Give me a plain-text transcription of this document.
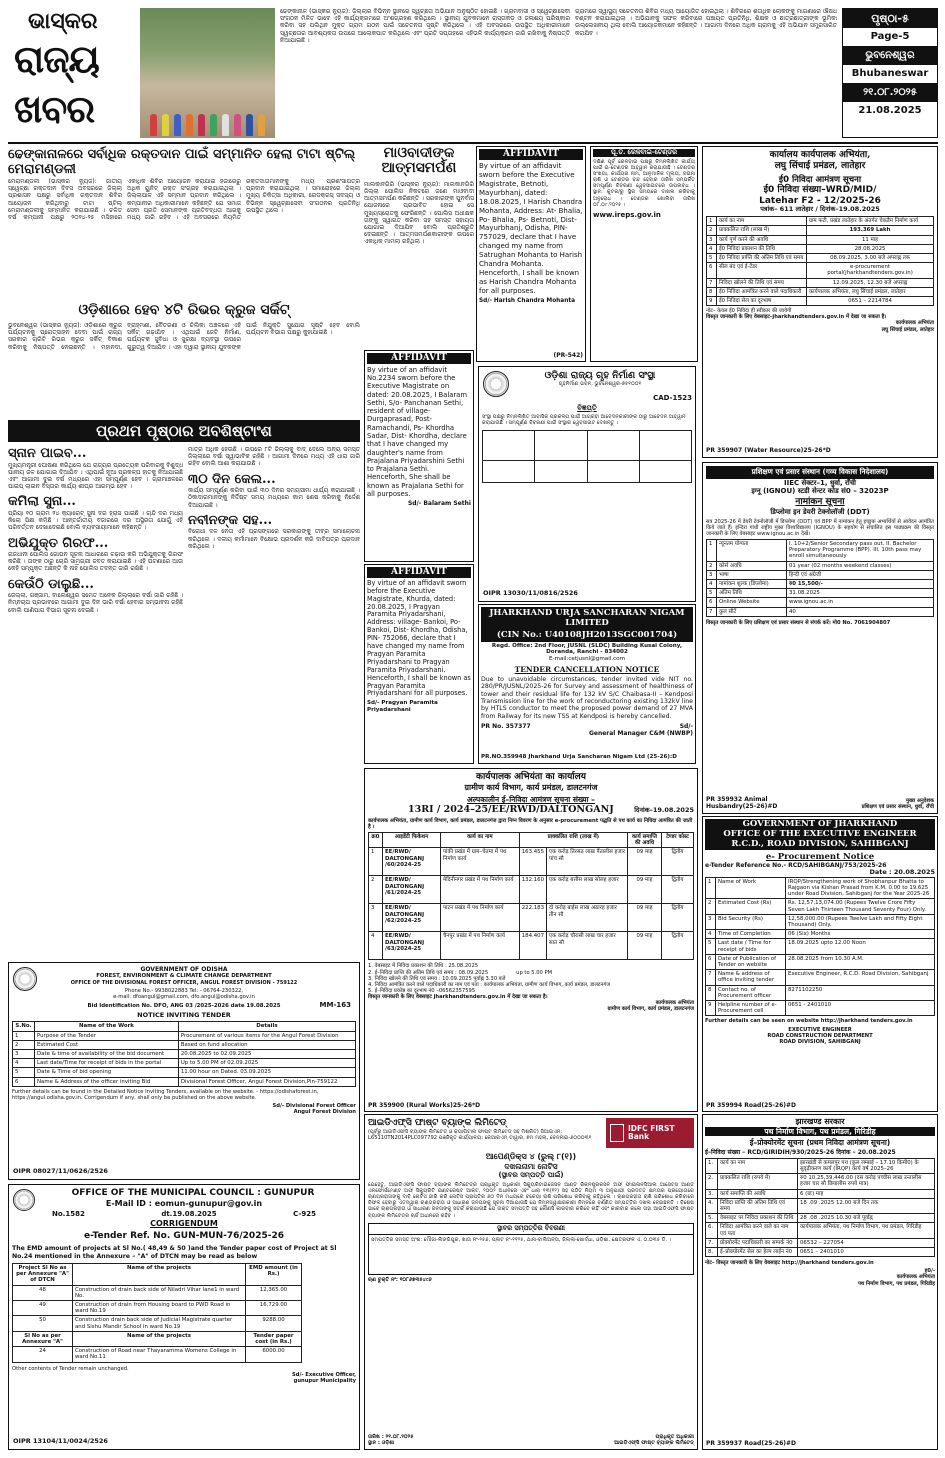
ଭାସ୍କର
ରାଜ୍ୟ
ଖବର
ଢେଙ୍କାନାଳ (ଭାସ୍କର ନ୍ୟୁଜ): ଜିଲ୍ଲାର ବିଭିନ୍ନ ସ୍ଥାନରେ ସ୍ୱଚ୍ଛତା ଅଭିଯାନ ଅନୁଷ୍ଠିତ ହୋଇଛି । ଗ୍ରାମବାସୀ ଓ ସ୍ୱେଚ୍ଛାସେବୀ ସଂଗଠନ ମିଳିତ ଭାବେ ଏହି କାର୍ଯ୍ୟକ୍ରମରେ ଅଂଶଗ୍ରହଣ କରିଥିଲେ । ସ୍ଥାନୀୟ ଯୁବକମାନେ ରାସ୍ତାକଡ଼ ଓ ଜଳାଶୟ ପରିଷ୍କାର କରିବା ସହ ପଲିଥିନ ମୁକ୍ତ ଗ୍ରାମ ଗଠନ ପାଇଁ ସଚେତନତା ସୃଷ୍ଟି କରିଥିଲେ । ଏହି ଅବସରରେ ଉପସ୍ଥିତ ଅଧିକାରୀମାନେ ସ୍ୱଚ୍ଛତାର ଆବଶ୍ୟକତା ଉପରେ ଆଲୋକପାତ କରିଥିଲେ ଏବଂ ପ୍ରତି ସପ୍ତାହରେ ଏହିଭଳି କାର୍ଯ୍ୟକ୍ରମ ଜାରି ରଖିବାକୁ ନିଷ୍ପତ୍ତି ନିଆଯାଇଛି ।
ଗ୍ରାମରେ ସ୍ୱାସ୍ଥ୍ୟ ସଚେତନତା ଶିବିର ମଧ୍ୟ ଆୟୋଜିତ ହୋଇଥିଲା । ଶିବିରରେ ଶତାଧିକ ଲୋକଙ୍କୁ ମାଗଣାରେ ଔଷଧ ବଣ୍ଟନ କରାଯାଇଥିଲା । ଅଭିଯାନକୁ ସଫଳ କରିବାରେ ପଞ୍ଚାୟତ ପ୍ରତିନିଧି, ଶିକ୍ଷକ ଓ ଛାତ୍ରଛାତ୍ରୀଙ୍କ ଭୂମିକା ଉଲ୍ଲେଖନୀୟ ଥିଲା ବୋଲି ଆୟୋଜକମାନେ କହିଛନ୍ତି । ଆଗାମୀ ଦିନରେ ଅଧିକ ଗ୍ରାମକୁ ଏହି ଅଭିଯାନ ସମ୍ପ୍ରସାରିତ କରାଯିବ ।
ପୃଷ୍ଠା-୫
Page-5
ଭୁବନେଶ୍ୱର
Bhubaneswar
୨୧.୦୮.୨୦୨୫
21.08.2025
ଢେଙ୍କାନାଳରେ ସର୍ବାଧିକ ରକ୍ତଦାନ ପାଇଁ ସମ୍ମାନିତ ହେଲା ଟାଟା ଷ୍ଟିଲ୍ ମେରାମଣ୍ଡଳୀ
ମେରାମଣ୍ଡଳୀ (ଭାସ୍କର ନ୍ୟୁଜ): ଜାତୀୟ ସ୍ୱେଚ୍ଛା ରକ୍ତଦାନ ଦିବସ ଅବସରରେ ଜିଲ୍ଲା ପ୍ରଶାସନ ପକ୍ଷରୁ ସର୍ବାଧିକ ରକ୍ତଦାନ ଶିବିର ଆୟୋଜନ କରିଥିବାରୁ ଟାଟା ଷ୍ଟିଲ୍ ମେରାମଣ୍ଡଳୀକୁ ସମ୍ମାନିତ କରାଯାଇଛି । ଚଳିତ ବର୍ଷ କମ୍ପାନୀ ପକ୍ଷରୁ ୨୦୨୪-୨୫ ମସିହାରେ ଏକାଧିକ ଶିବିର ଆୟୋଜନ କରାଯାଇ ହଜାରେରୁ ଅଧିକ ୟୁନିଟ୍ ରକ୍ତ ସଂଗ୍ରହ କରାଯାଇଥିଲା । ଜିଲ୍ଲାପାଳ ଏହି ସମ୍ମାନ ପ୍ରଦାନ କରିଥିଲେ । କମ୍ପାନୀର ଅଧିକାରୀମାନେ କହିଛନ୍ତି ଯେ ସମାଜ ସେବା ପ୍ରତି ସେମାନଙ୍କ ପ୍ରତିବଦ୍ଧତା ଆଗକୁ ମଧ୍ୟ ଜାରି ରହିବ । ଏହି ଅବସରରେ ନିୟମିତ ରକ୍ତଦାତାମାନଙ୍କୁ ମଧ୍ୟ ପ୍ରଶଂସାପତ୍ର ପ୍ରଦାନ କରାଯାଇଥିଲା । ସମାରୋହରେ ଜିଲ୍ଲା ମୁଖ୍ୟ ଚିକିତ୍ସା ଅଧିକାରୀ, ରେଡକ୍ରସ୍ ସଦସ୍ୟ ଓ ବିଭିନ୍ନ ସ୍ୱେଚ୍ଛାସେବୀ ସଂଗଠନର ପ୍ରତିନିଧି ଉପସ୍ଥିତ ଥିଲେ ।
ଓଡ଼ିଶାରେ ହେବ ୪ଟି ରିଭର କ୍ରୁଜ ସର୍କିଟ୍
ଭୁବନେଶ୍ୱର (ଭାସ୍କର ନ୍ୟୁଜ): ଓଡ଼ିଶାରେ କ୍ରୁଜ ପର୍ଯ୍ୟଟନକୁ ପ୍ରୋତ୍ସାହନ ଦେବା ପାଇଁ ରାଜ୍ୟ ସରକାର ଚାରିଟି ରିଭର କ୍ରୁଜ ସର୍କିଟ୍ ବିକାଶ କରିବାକୁ ନିଷ୍ପତ୍ତି ନେଇଛନ୍ତି । ମହାନଦୀ, ବ୍ରାହ୍ମଣୀ, ବୈତରଣୀ ଓ ଚିଲିକା ଅଞ୍ଚଳରେ ଏହି ସର୍କିଟ୍ ଗଢ଼ାଯିବ । ଏଥିପାଇଁ ଜେଟି ନିର୍ମାଣ, ପର୍ଯ୍ୟଟକ ସୁବିଧା ଓ ସୁରକ୍ଷା ବ୍ୟବସ୍ଥା ଉପରେ ଗୁରୁତ୍ୱ ଦିଆଯିବ । ଏହା ଦ୍ୱାରା ସ୍ଥାନୀୟ ଯୁବକଙ୍କ ପାଇଁ ନିଯୁକ୍ତି ସୁଯୋଗ ସୃଷ୍ଟି ହେବ ବୋଲି ପର୍ଯ୍ୟଟନ ବିଭାଗ ପକ୍ଷରୁ କୁହାଯାଇଛି ।
ପ୍ରଥମ ପୃଷ୍ଠାର ଅବଶିଷ୍ଟାଂଶ
ସ୍ନାନ ପାଇବ...
ମୁଖ୍ୟମନ୍ତ୍ରୀ ଘୋଷଣା କରିଥିଲେ ଯେ ରାଜ୍ୟର ପ୍ରତ୍ୟେକ ପରିବାରକୁ ବିଶୁଦ୍ଧ ପାନୀୟ ଜଳ ଯୋଗାଇ ଦିଆଯିବ । ଏଥିପାଇଁ ନୂଆ ପ୍ରକଳ୍ପ ହାତକୁ ନିଆଯାଇଛି ଏବଂ ଆଗାମୀ ଦୁଇ ବର୍ଷ ମଧ୍ୟରେ ଏହା ସମ୍ପୂର୍ଣ୍ଣ ହେବ । ଗ୍ରାମାଞ୍ଚଳରେ ପାଇପ୍ ଲାଇନ ବିସ୍ତାର କାର୍ଯ୍ୟ ଶୀଘ୍ର ଆରମ୍ଭ ହେବ ।
କମିଲା ସୁନା...
ପ୍ରିୟା ୧୦ ଗ୍ରାମ ୨୪ କ୍ୟାରେଟ୍ ସୁନା ଦର ହ୍ରାସ ପାଇଛି । ଚାନ୍ଦି ଦର ମଧ୍ୟ କିଲୋ ପିଛା କମିଛି । ଆନ୍ତର୍ଜାତୀୟ ବଜାରରେ ଦର ଅସ୍ଥିରତା ଯୋଗୁଁ ଏହି ପରିବର୍ତ୍ତନ ଦେଖାଦେଇଛି ବୋଲି ବ୍ୟବସାୟୀମାନେ କହିଛନ୍ତି ।
ଅଭିଯୁକ୍ତ ଗିରଫ...
ରାଜଧାନୀ ପୋଲିସ ଗୋପନ ସୂଚନା ଆଧାରରେ ଚଢ଼ାଉ କରି ଅଭିଯୁକ୍ତକୁ ଗିରଫ କରିଛି । ତାଙ୍କ ଠାରୁ ଚୋରି ସାମଗ୍ରୀ ଜବତ କରାଯାଇଛି । ଏହି ଘଟଣାରେ ଆଉ କେହି ସମ୍ପୃକ୍ତ ଅଛନ୍ତି କି ନାହିଁ ପୋଲିସ ତଦନ୍ତ ଜାରି ରଖିଛି ।
କେଉଁଠି ଡାଲୁଛି...
ଜେଲ୍ଲା, ଗଞ୍ଜାମ, ବାଲେଶ୍ୱର ସମେତ ଅନେକ ଜିଲ୍ଲାରେ ବର୍ଷା ଜାରି ରହିଛି । ନିମ୍ନଚାପ ପ୍ରଭାବରେ ଆଗାମୀ ଦୁଇ ଦିନ ଭାରି ବର୍ଷା ହେବାର ସମ୍ଭାବନା ରହିଛି ବୋଲି ପାଣିପାଗ ବିଭାଗ ସୂଚନା ଦେଇଛି ।
ମାତ୍ର ଅଧିକ ହେଉଛି । ଉପରେ ୮ଟି ଜିଲ୍ଲାକୁ ବାଦ୍ ଦେଲେ ଅନ୍ୟ ସମସ୍ତ ଜିଲ୍ଲାରେ ବର୍ଷା ସ୍ୱାଭାବିକ ରହିଛି । ଆଗାମୀ ଦିନରେ ମଧ୍ୟ ଏହି ଧାରା ଜାରି ରହିବ ବୋଲି ଆଶା କରାଯାଉଛି ।
୩୦ ଦିନ କେଲ...
କାର୍ଯ୍ୟ ସମ୍ପୂର୍ଣ୍ଣ କରିବା ପାଇଁ ୩୦ ଦିନର ସମୟସୀମା ଧାର୍ଯ୍ୟ କରାଯାଇଛି । ଠିକାଦାରମାନଙ୍କୁ ନିର୍ଦ୍ଦିଷ୍ଟ ସମୟ ମଧ୍ୟରେ କାମ ଶେଷ କରିବାକୁ ନିର୍ଦ୍ଦେଶ ଦିଆଯାଇଛି ।
ନବୀନଙ୍କ ସହ...
ବିରୋଧୀ ଦଳ ନେତା ଏହି ପ୍ରସଙ୍ଗରେ ସରକାରଙ୍କୁ ତୀବ୍ର ସମାଲୋଚନା କରିଥିଲେ । ଦଳୀୟ କର୍ମୀମାନେ ବିକ୍ଷୋଭ ପ୍ରଦର୍ଶନ କରି ଦାବିପତ୍ର ପ୍ରଦାନ କରିଥିଲେ ।
GOVERNMENT OF ODISHA
FOREST, ENVIRONMENT & CLIMATE CHANGE DEPARTMENT
OFFICE OF THE DIVISIONAL FOREST OFFICER, ANGUL FOREST DIVISION - 759122
Phone No.- 9938022883 Tel: - 06764-230322,
e-mail: dfoangul@gmail.com, dfo.angul@odisha.gov.in
MM-163
Bid Identification No. DFO, ANG 03 /2025-2026 date 19.08.2025
NOTICE INVITING TENDER
S.No.	Name of the Work	Details
1	Purpose of the Tender	Procurement of various items for the Angul Forest Division
2	Estimated Cost	Based on fund allocation
3	Date & time of availability of the bid document	20.08.2025 to 02.09.2025
4	Last date/Time for receipt of bids in the portal	Up to 5.00 PM of 02.09.2025
5	Date & Time of bid opening	11.00 hour on Dated. 03.09.2025
6	Name & Address of the officer inviting Bid	Divisional Forest Officer, Angul Forest Division,Pin-759122
Further details can be found in the Detailed Notice Inviting Tenders, available on the website. - https://odishaforest.in, https://angul.odisha.gov.in. Corrigendum if any, shall only be published on the above website.
Sd/- Divisional Forest Officer
Angul Forest Division
OIPR 08027/11/0626/2526
OFFICE OF THE MUNICIPAL COUNCIL : GUNUPUR
E-Mail ID : eomun-gunupur@gov.in
No.1582	dt.19.08.2025	C-925
CORRIGENDUM
e-Tender Ref. No. GUN-MUN-76/2025-26
The EMD amount of projects at Sl No.( 48,49 & 50 )and the Tender paper cost of Project at Sl No.24 mentioned in the Annexure – "A" of DTCN may be read as below
Project Sl No as per Annexure "A" of DTCN	Name of the projects	EMD amount (in Rs.)
48	Construction of drain back side of Niladri Vihar lane1 in ward No.	12,365.00
49	Construction of drain from Housing board to PWD Road in ward No.19	16,729.00
50	Construction drain back side of Judicial Magistrate quarter and Sishu Mandir School in ward No.19	9288.00
Sl No as per Annexure "A"	Name of the projects	Tender paper cost (in Rs.)
24	Construction of Road near Thayaramma Womens College in ward No.11	6000.00
Other contents of Tender remain unchanged.
Sd/- Executive Officer,
gunupur Municipality
OIPR 13104/11/0024/2526
ମାଓବାଦୀଙ୍କ ଆତ୍ମସମର୍ପଣ
ମାଲକାନଗିରି (ଭାସ୍କର ନ୍ୟୁଜ): ମାଲକାନଗିରି ଜିଲ୍ଲା ପୋଲିସ ନିକଟରେ ଜଣେ ମାଓବାଦୀ ଆତ୍ମସମର୍ପଣ କରିଛନ୍ତି । ସରକାରଙ୍କ ପୁନର୍ବାସ ଯୋଜନାରେ ପ୍ରଭାବିତ ହୋଇ ସେ ମୁଖ୍ୟସ୍ରୋତକୁ ଫେରିଛନ୍ତି । ପୋଲିସ ଅଧୀକ୍ଷକ ତାଙ୍କୁ ସ୍ୱାଗତ କରିବା ସହ ସମସ୍ତ ସହାୟତା ଯୋଗାଇ ଦିଆଯିବ ବୋଲି ପ୍ରତିଶ୍ରୁତି ଦେଇଛନ୍ତି । ଆତ୍ମସମର୍ପଣକାରୀଙ୍କ ଉପରେ ଏକାଧିକ ମାମଲା ରହିଥିଲା ।
AFFIDAVIT
By virtue of an affidavit sworn before the Executive Magistrate, Betnoti, Mayurbhanj, dated: 18.08.2025, I Harish Chandra Mohanta, Address: At- Bhalia, Po- Bhalia, Ps- Betnoti, Dist- Mayurbhanj, Odisha, PIN-757029, declare that I have changed my name from Satrughan Mohanta to Harish Chandra Mohanta. Henceforth, I shall be known as Harish Chandra Mohanta for all purposes.
Sd/- Harish Chandra Mohanta
(PR-542)
AFFIDAVIT
By virtue of an affidavit No.2234 sworn before the Executive Magistrate on dated: 20.08.2025, I Balaram Sethi, S/o- Panchanan Sethi, resident of village- Durgaprasad, Post- Ramachandi, Ps- Khordha Sadar, Dist- Khordha, declare that I have changed my daughter's name from Prajalana Priyadarshini Sethi to Prajalana Sethi. Henceforth, She shall be known as Prajalana Sethi for all purposes.
Sd/- Balaram Sethi
AFFIDAVIT
By virtue of an affidavit sworn before the Executive Magistrate, Khurda, dated: 20.08.2025, I Pragyan Paramita Priyadarshani, Address: village- Bankoi, Po- Bankoi, Dist- Khordha, Odisha, PIN- 752066, declare that I have changed my name from Pragyan Paramita Priyadarshani to Pragyan Paramita Priyadarshani. Henceforth, I shall be known as Pragyan Paramita Priyadarshani for all purposes.
Sd/- Pragyan Paramita Priyadarshani
ପୂ.ତ. ରେଳବାଇ-ଟେଣ୍ଡର
ଦକ୍ଷିଣ ପୂର୍ବ ରେଳବାଇ ପକ୍ଷରୁ ନିମ୍ନଲିଖିତ କାର୍ଯ୍ୟ ପାଇଁ ଇ-ଟେଣ୍ଡର ଆହ୍ୱାନ କରାଯାଉଛି । ଟେଣ୍ଡର ସଂଖ୍ୟା, କାର୍ଯ୍ୟର ନାମ, ଆନୁମାନିକ ମୂଲ୍ୟ, ବଇନା ରାଶି ଓ ଟେଣ୍ଡର ବନ୍ଦ ହେବାର ତାରିଖ ସମ୍ପର୍କିତ ସମ୍ପୂର୍ଣ୍ଣ ବିବରଣୀ ୱେବସାଇଟରେ ଉପଲବ୍ଧ । ସ୍ଥାନ: କୁଟକ/ରୁ ସ୍ଥିର ସମୟରେ ଦାଖଲ କରିବାକୁ ଅନୁରୋଧ । ଟେଣ୍ଡର ଖୋଲିବା ତାରିଖ ୦୮.୦୯.୨୦୨୫ ।
www.ireps.gov.in
ଓଡ଼ିଶା ରାଜ୍ୟ ଗୃହ ନିର୍ମାଣ ସଂସ୍ଥା
ଗୃହନିର୍ମାଣ ଭବନ, ଭୁବନେଶ୍ୱର-୭୫୧୦୦୧
CAD-1523
ବିଜ୍ଞପ୍ତି
ସଂସ୍ଥା ପକ୍ଷରୁ ନିମ୍ନଲିଖିତ ଆବାସିକ ପ୍ରକଳ୍ପ ପାଇଁ ଆଗ୍ରହୀ ଆବେଦନକାରୀଙ୍କ ଠାରୁ ଆବେଦନ ଆହ୍ୱାନ କରାଯାଉଛି । ସମ୍ପୂର୍ଣ୍ଣ ବିବରଣୀ ପାଇଁ ସଂସ୍ଥାର ୱେବସାଇଟ ଦେଖନ୍ତୁ ।

OIPR 13030/11/0816/2526
JHARKHAND URJA SANCHARAN NIGAM LIMITED
(CIN No.: U40108JH2013SGC001704)
Regd. Office: 2nd Floor, JUSNL (SLDC) Building Kusai Colony, Doranda, Ranchi - 834002
E-mail:cetjusnl@gmail.com
TENDER CANCELLATION NOTICE
Due to unavoidable circumstances, tender invited vide NIT no. 280/PR/JUSNL/2025-26 for Survey and assessment of healthiness of tower and their residual life for 132 kV S/C Chaibasa-II – Kendposi Transmission line for the work of reconductoring existing 132kV line by HTLS conductor to meet the proposed power demand of 27 MVA from Railway for its new TSS at Kendposi is hereby cancelled.
PR No. 357377	Sd/-
General Manager C&M (NWBP)
PR.NO.359948 Jharkhand Urja Sancharan Nigam Ltd (25-26):D
कार्यालय कार्यपालक अभियंता,
लघु सिंचाई प्रमंडल, लातेहार
ई0 निविदा आमंत्रण सूचना
ई0 निविदा संख्या–WRD/MID/
Latehar F2 - 12/2025-26
पत्रांक– 611 लातेहार / दिनांक–19.08.2025
1	कार्य का नाम	ग्राम फटी, प्रखंड लातेहार के अंतर्गत चेकडैम निर्माण कार्य
2	प्राक्कलित राशि (लाख में)	193.369 Lakh
3	कार्य पूर्ण करने की अवधि	11 माह
4	ई0 निविदा प्रकाशन की तिथि	28.08.2025
5	ई0 निविदा प्राप्ति की अंतिम तिथि एवं समय	08.09.2025, 3.00 बजे अपराह्न तक
6	सील बंद एवं ई-टेंडर	e-procurement portal(jharkhandtenders.gov.in)
7	निविदा खोलने की तिथि एवं समय	12.09.2025, 12.30 बजे अपराह्न
8	ई0 निविदा आमंत्रित करने वाले पदाधिकारी	कार्यपालक अभियंता, लघु सिंचाई प्रमंडल, लातेहार
9	ई0 निविदा सेल का दूरभाष	0651 – 2214784
नोट– केवल ई0 निविदा ही स्वीकार की जायेगी
विस्तृत जानकारी के लिए वेबसाइट–jharkhandtenders.gov.in में देखा जा सकता है।
कार्यपालक अभियंता
लघु सिंचाई प्रमंडल, लातेहार
PR 359907 (Water Resource)25-26*D
प्रशिक्षण एवं प्रसार संस्थान (गव्य विकास निदेशालय)
IIEC सेक्टर–1, धुर्वा, राँची
इग्नू (IGNOU) स्टडी सेन्टर कोड सं0 – 32023P
नामांकन सूचना
डिप्लोमा इन डेयरी टेक्नोलॉजी (DDT)
सत्र 2025-26 में डेयरी टेक्नोलॉजी में डिप्लोमा (DDT) एवं BPP में नामांकन हेतु इच्छुक अभ्यर्थियों से आवेदन आमंत्रित किये जाते हैं। इन्दिरा गांधी राष्ट्रीय मुक्त विश्वविद्यालय (IGNOU) के सहयोग से संचालित इस पाठ्यक्रम की विस्तृत जानकारी के लिए वेबसाइट www.ignou.ac.in देखें।
1	न्यूनतम योग्यता	I. 10+2/Senior Secondary pass out. II. Bachelor Preparatory Programme (BPP). III. 10th pass may enroll simultaneously
2	कोर्स अवधि	01 year (02 months weekend classes)
3	भाषा	हिन्दी एवं अंग्रेजी
4	नामांकन शुल्क (डिप्लोमा)	रु0 15,500/-
5	अंतिम तिथि	31.08.2025
6	Online Website	www.ignou.ac.in
7	कुल सीटें	40
विस्तृत जानकारी के लिए प्रशिक्षण एवं प्रसार संस्थान से संपर्क करें। मो0 No. 7061904807
PR 359932 Animal Husbandry(25-26)#D
मुख्य अनुदेशक
प्रशिक्षण एवं प्रसार संस्थान, धुर्वा, राँची
GOVERNMENT OF JHARKHAND
OFFICE OF THE EXECUTIVE ENGINEER
R.C.D., ROAD DIVISION, SAHIBGANJ
e- Procurement Notice
e-Tender Reference No.- RCD/SAHIBGANJ/753/2025-26
Date : 20.08.2025
1	Name of Work	IRQP/Strengthening work of Shobhanpur Bhatta to Rajgaon via Kishan Prasad from K.M. 0.00 to 19.625 under Road Division, Sahibganj for the Year 2025-26
2	Estimated Cost (Rs)	Rs. 12,57,13,074.00 (Rupees Twelve Crore Fifty Seven Lakh Thirteen Thousand Seventy Four) Only.
3	Bid Security (Rs)	12,58,000.00 (Rupees Twelve Lakh and Fifty Eight Thousand) Only.
4	Time of Completion	06 (Six) Months
5	Last date / Time for receipt of bids	18.09.2025 upto 12.00 Noon
6	Date of Publication of Tender on website	28.08.2025 from 10.30 A.M.
7	Name & address of office inviting tender	Executive Engineer, R.C.D. Road Division, Sahibganj
8	Contact no. of Procurement officer	8271102250
9	Helpline number of e- Procurement cell	0651 - 2401010
Further details can be seen on website http://jharkhand tenders.gov.in
EXECUTIVE ENGINEER
ROAD CONSTRUCTION DEPARTMENT
ROAD DIVISION, SAHIBGANJ
PR 359994 Road(25-26)#D
झारखण्ड सरकार
पथ निर्माण विभाग, पथ प्रमंडल, गिरिडीह
ई–प्रोक्योरमेंट सूचना (प्रथम निविदा आमंत्रण सूचना)
ई–निविदा संख्या – RCD/GIRIDIH/930/2025-26 दिनांक – 20.08.2025
1.	कार्य का नाम	झारखंडी से कमलपुर पथ (कुल लम्बाई – 17.10 किमी0) के सुदृढ़ीकरण कार्य (IRQP) कार्य वर्ष 2025–26
2.	प्राक्कलित राशि (रुपये में)	रु0 10,25,39,446.00 (दस करोड़ पच्चीस लाख उन्तालीस हजार चार सौ छियालीस रुपये मात्र)
3.	कार्य समाप्ति की अवधि	6 (छः) माह
4.	निविदा प्राप्ति की अंतिम तिथि एवं समय	18 .09 .2025 12.00 बजे दिन तक
5.	वेबसाइट पर निविदा प्रकाशन की तिथि	28 .08 .2025 10.30 बजे पूर्वाह्न
6.	निविदा आमंत्रित करने वाले का नाम एवं पता	कार्यपालक अभियंता, पथ निर्माण विभाग, पथ प्रमंडल, गिरिडीह
7.	प्रोक्योरमेंट पदाधिकारी का सम्पर्क नं0	06532 – 227054
8.	ई–प्रोक्योरमेंट सेल का हेल्प लाईन नं0	0651 – 2401010
नोट– विस्तृत जानकारी के लिए वेबसाइट http://jharkhand tenders.gov.in
ह0/-
कार्यपालक अभियंता
पथ निर्माण विभाग, पथ प्रमंडल, गिरिडीह
PR 359937 Road(25-26)#D
कार्यपालक अभियंता का कार्यालय
ग्रामीण कार्य विभाग, कार्य प्रमंडल, डालटनगंज
अल्पकालीन ई–निविदा आमंत्रण सूचना संख्या –
13RI / 2024–25/EE/RWD/DALTONGANJ	दिनांक–19.08.2025
कार्यपालक अभियंता, ग्रामीण कार्य विभाग, कार्य प्रमंडल, डालटनगंज द्वारा निम्न विवरण के अनुसार e-procurement पद्धति से पथ कार्य का निविदा आमंत्रित की जाती है ।
क्र0	आइडेंटी फिकेशन	कार्य का नाम	प्राक्कलित राशि (लाख में)		कार्य समाप्ति की अवधि	टेण्डर कोस्ट
1	EE/RWD/ DALTONGANJ /60/2024-25	पांकी प्रखंड में ग्राम–चेतमा में पथ निर्माण कार्य	163.455	एक करोड़ तिरसठ लाख पैंतालीस हजार पांच सौ	09 माह	द्वितीय
2	EE/RWD/ DALTONGANJ /61/2024-25	मेदिनीनगर प्रखंड में पथ निर्माण कार्य	132.160	एक करोड़ बत्तीस लाख सोलह हजार	09 माह	द्वितीय
3	EE/RWD/ DALTONGANJ /62/2024-25	पाटन प्रखंड में पथ निर्माण कार्य	222.183	दो करोड़ बाईस लाख अठारह हजार तीन सौ	09 माह	द्वितीय
4	EE/RWD/ DALTONGANJ /63/2024-25	चैनपुर प्रखंड में पथ निर्माण कार्य	184.407	एक करोड़ चौरासी लाख चार हजार सात सौ	09 माह	द्वितीय
1. वेबसाइट में निविदा प्रकाशन की तिथि : 25.08.2025
2. ई–निविदा प्राप्ति की अंतिम तिथि एवं समय : 08.09.2025                 up to 5.00 PM
3. निविदा खोलने की तिथि एवं समय : 10.09.2025 पूर्वाह्न 3.30 बजे
4. निविदा आमंत्रित करने वाले पदाधिकारी का नाम एवं पता : कार्यपालक अभियंता, ग्रामीण कार्य विभाग, कार्य प्रमंडल, डालटनगंज
5. ई–निविदा प्रकोष्ठ का दूरभाष नं0 –06562357595
विस्तृत जानकारी के लिए वेबसाइट jharkhandtenders.gov.in में देखा जा सकता है।
कार्यपालक अभियंता
ग्रामीण कार्य विभाग, कार्य प्रमंडल, डालटनगंज
PR 359900 (Rural Works)25-26*D
ଆଇଡିଏଫ୍ସି ଫାଷ୍ଟ ବ୍ୟାଙ୍କ ଲିମିଟେଡ୍
(ପୂର୍ବରୁ ଆଇଡିଏଫ୍ସି ବ୍ୟାଙ୍କ ଲିମିଟେଡ୍ ଓ କ୍ୟାପିଟାଲ ଫାଷ୍ଟ ଲିମିଟେଡ୍ ସହ ମିଶ୍ରିତ) ସିଆଇଏନ୍: L65110TN2014PLC097792 ପଞ୍ଜିକୃତ କାର୍ଯ୍ୟାଳୟ: କେଆରଏମ୍ ଟାୱାର, ୭ମ ମହଲା, ଚେନ୍ନାଇ-୬୦୦୦୩୧
IDFC FIRST
Bank
ଆପେଣ୍ଡିକ୍ସ ୪ (ରୁଲ୍ ୮(୧))
ଦଖଲନାମା ନୋଟିସ
(ସ୍ଥାବର ସମ୍ପତ୍ତି ପାଇଁ)
ଯେହେତୁ, ଆଇଡିଏଫ୍ସି ଫାଷ୍ଟ ବ୍ୟାଙ୍କ ଲିମିଟେଡ୍‌ର ପ୍ରାଧିକୃତ ଅଧିକାରୀ ସିକ୍ୟୁରିଟାଇଜେସନ ଆଣ୍ଡ ରିକନଷ୍ଟ୍ରକସନ ଅଫ୍ ଫାଇନାନ୍ସିଆଲ ଆସେଟ୍ସ ଆଣ୍ଡ ଏନଫୋର୍ସମେଣ୍ଟ ଅଫ୍ ସିକ୍ୟୁରିଟି ଇଣ୍ଟରେଷ୍ଟ ଆକ୍ଟ, ୨୦୦୨ ଅଧୀନରେ ଏବଂ ଧାରା ୧୩(୧୨) ସହ ପଠିତ ନିୟମ ୩ ଅନୁଯାୟୀ ପ୍ରଦତ୍ତ କ୍ଷମତାର ପ୍ରୟୋଗରେ ଋଣଗ୍ରହୀତାଙ୍କୁ ଦାବି ନୋଟିସ ଜାରି କରି ନୋଟିସ ପ୍ରାପ୍ତିର ୬୦ ଦିନ ମଧ୍ୟରେ ବକେୟା ରାଶି ପରିଶୋଧ କରିବାକୁ କହିଥିଲେ । ଋଣଗ୍ରହୀତା ରାଶି ପରିଶୋଧ କରିବାରେ ବିଫଳ ହେବାରୁ ଏତଦ୍ୱାରା ଋଣଗ୍ରହୀତା ଓ ସାଧାରଣ ଜନତାଙ୍କୁ ସୂଚନା ଦିଆଯାଉଛି ଯେ ନିମ୍ନସ୍ୱାକ୍ଷରକାରୀ ନିମ୍ନରେ ବର୍ଣ୍ଣିତ ସମ୍ପତ୍ତିର ଦଖଲ ନେଇଛନ୍ତି । ବିଶେଷ ଭାବେ ଋଣଗ୍ରହୀତା ଓ ସାଧାରଣ ଜନତାଙ୍କୁ ସତର୍କ କରାଯାଉଛି ଯେ ଉକ୍ତ ସମ୍ପତ୍ତି ସହ କୌଣସି କାରବାର କରିବେ ନାହିଁ ଏବଂ କାରବାର କଲେ ତାହା ଆଇଡିଏଫ୍ସି ଫାଷ୍ଟ ବ୍ୟାଙ୍କ ଲିମିଟେଡ୍‌ର ଚାର୍ଜ ଅଧୀନରେ ରହିବ ।
ସ୍ଥାବର ସମ୍ପତ୍ତିର ବିବରଣୀ
ସମ୍ପତ୍ତିର ସମସ୍ତ ଅଂଶ: ମୌଜା-ଲିଙ୍ଗିପୁର, ଖାତା ନଂ-୨୫୬, ପ୍ଲଟ ନଂ-୧୧୨୫, ଥାନା-ବାଲିଅନ୍ତା, ଜିଲ୍ଲା-ଖୋର୍ଦ୍ଧା, ଓଡ଼ିଶା, କ୍ଷେତ୍ରଫଳ ଏ. ୦.୦୩୫ ଡି. ।
ଋଣ ଚୁକ୍ତି ନଂ: ୧୦୮୬୭୩୫୪୯୬
ତାରିଖ : ୨୧.୦୮.୨୦୨୫
ସ୍ଥାନ : ଓଡ଼ିଶା
ପ୍ରାଧିକୃତ ଅଧିକାରୀ
ଆଇଡିଏଫ୍ସି ଫାଷ୍ଟ ବ୍ୟାଙ୍କ ଲିମିଟେଡ୍
